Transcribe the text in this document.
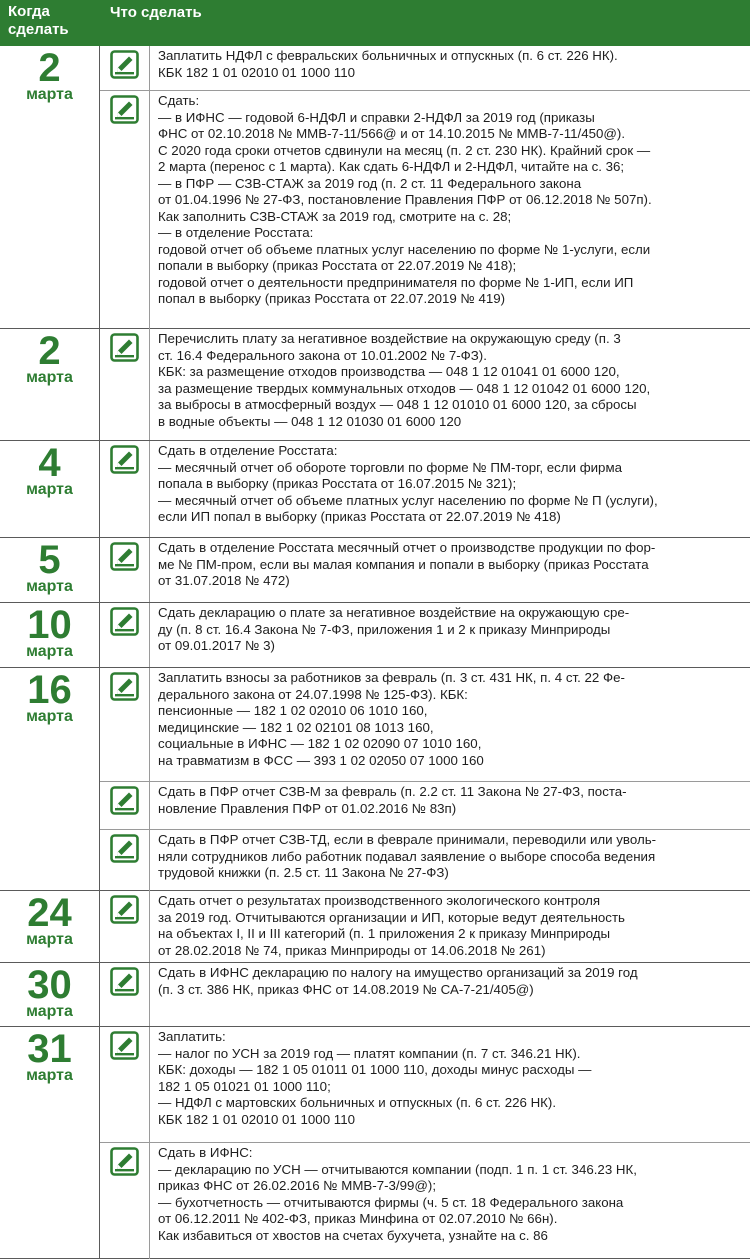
Когда
сделать
Что сделать
2
марта
Заплатить НДФЛ с февральских больничных и отпускных (п. 6 ст. 226 НК).
КБК 182 1 01 02010 01 1000 110
Сдать:
— в ИФНС — годовой 6-НДФЛ и справки 2-НДФЛ за 2019 год (приказы
ФНС от 02.10.2018 № ММВ-7-11/566@ и от 14.10.2015 № ММВ-7-11/450@).
С 2020 года сроки отчетов сдвинули на месяц (п. 2 ст. 230 НК). Крайний срок —
2 марта (перенос с 1 марта). Как сдать 6-НДФЛ и 2-НДФЛ, читайте на с. 36;
— в ПФР — СЗВ-СТАЖ за 2019 год (п. 2 ст. 11 Федерального закона
от 01.04.1996 № 27-ФЗ, постановление Правления ПФР от 06.12.2018 № 507п).
Как заполнить СЗВ-СТАЖ за 2019 год, смотрите на с. 28;
— в отделение Росстата:
годовой отчет об объеме платных услуг населению по форме № 1-услуги, если
попали в выборку (приказ Росстата от 22.07.2019 № 418);
годовой отчет о деятельности предпринимателя по форме № 1-ИП, если ИП
попал в выборку (приказ Росстата от 22.07.2019 № 419)
2
марта
Перечислить плату за негативное воздействие на окружающую среду (п. 3
ст. 16.4 Федерального закона от 10.01.2002 № 7-ФЗ).
КБК: за размещение отходов производства — 048 1 12 01041 01 6000 120,
за размещение твердых коммунальных отходов — 048 1 12 01042 01 6000 120,
за выбросы в атмосферный воздух — 048 1 12 01010 01 6000 120, за сбросы
в водные объекты — 048 1 12 01030 01 6000 120
4
марта
Сдать в отделение Росстата:
— месячный отчет об обороте торговли по форме № ПМ-торг, если фирма
попала в выборку (приказ Росстата от 16.07.2015 № 321);
— месячный отчет об объеме платных услуг населению по форме № П (услуги),
если ИП попал в выборку (приказ Росстата от 22.07.2019 № 418)
5
марта
Сдать в отделение Росстата месячный отчет о производстве продукции по фор-
ме № ПМ-пром, если вы малая компания и попали в выборку (приказ Росстата
от 31.07.2018 № 472)
10
марта
Сдать декларацию о плате за негативное воздействие на окружающую сре-
ду (п. 8 ст. 16.4 Закона № 7-ФЗ, приложения 1 и 2 к приказу Минприроды
от 09.01.2017 № 3)
16
марта
Заплатить взносы за работников за февраль (п. 3 ст. 431 НК, п. 4 ст. 22 Фе-
дерального закона от 24.07.1998 № 125-ФЗ). КБК:
пенсионные — 182 1 02 02010 06 1010 160,
медицинские — 182 1 02 02101 08 1013 160,
социальные в ИФНС — 182 1 02 02090 07 1010 160,
на травматизм в ФСС — 393 1 02 02050 07 1000 160
Сдать в ПФР отчет СЗВ-М за февраль (п. 2.2 ст. 11 Закона № 27-ФЗ, поста-
новление Правления ПФР от 01.02.2016 № 83п)
Сдать в ПФР отчет СЗВ-ТД, если в феврале принимали, переводили или уволь-
няли сотрудников либо работник подавал заявление о выборе способа ведения
трудовой книжки (п. 2.5 ст. 11 Закона № 27-ФЗ)
24
марта
Сдать отчет о результатах производственного экологического контроля
за 2019 год. Отчитываются организации и ИП, которые ведут деятельность
на объектах I, II и III категорий (п. 1 приложения 2 к приказу Минприроды
от 28.02.2018 № 74, приказ Минприроды от 14.06.2018 № 261)
30
марта
Сдать в ИФНС декларацию по налогу на имущество организаций за 2019 год
(п. 3 ст. 386 НК, приказ ФНС от 14.08.2019 № СА-7-21/405@)
31
марта
Заплатить:
— налог по УСН за 2019 год — платят компании (п. 7 ст. 346.21 НК).
КБК: доходы — 182 1 05 01011 01 1000 110, доходы минус расходы —
182 1 05 01021 01 1000 110;
— НДФЛ с мартовских больничных и отпускных (п. 6 ст. 226 НК).
КБК 182 1 01 02010 01 1000 110
Сдать в ИФНС:
— декларацию по УСН — отчитываются компании (подп. 1 п. 1 ст. 346.23 НК,
приказ ФНС от 26.02.2016 № ММВ-7-3/99@);
— бухотчетность — отчитываются фирмы (ч. 5 ст. 18 Федерального закона
от 06.12.2011 № 402-ФЗ, приказ Минфина от 02.07.2010 № 66н).
Как избавиться от хвостов на счетах бухучета, узнайте на с. 86
